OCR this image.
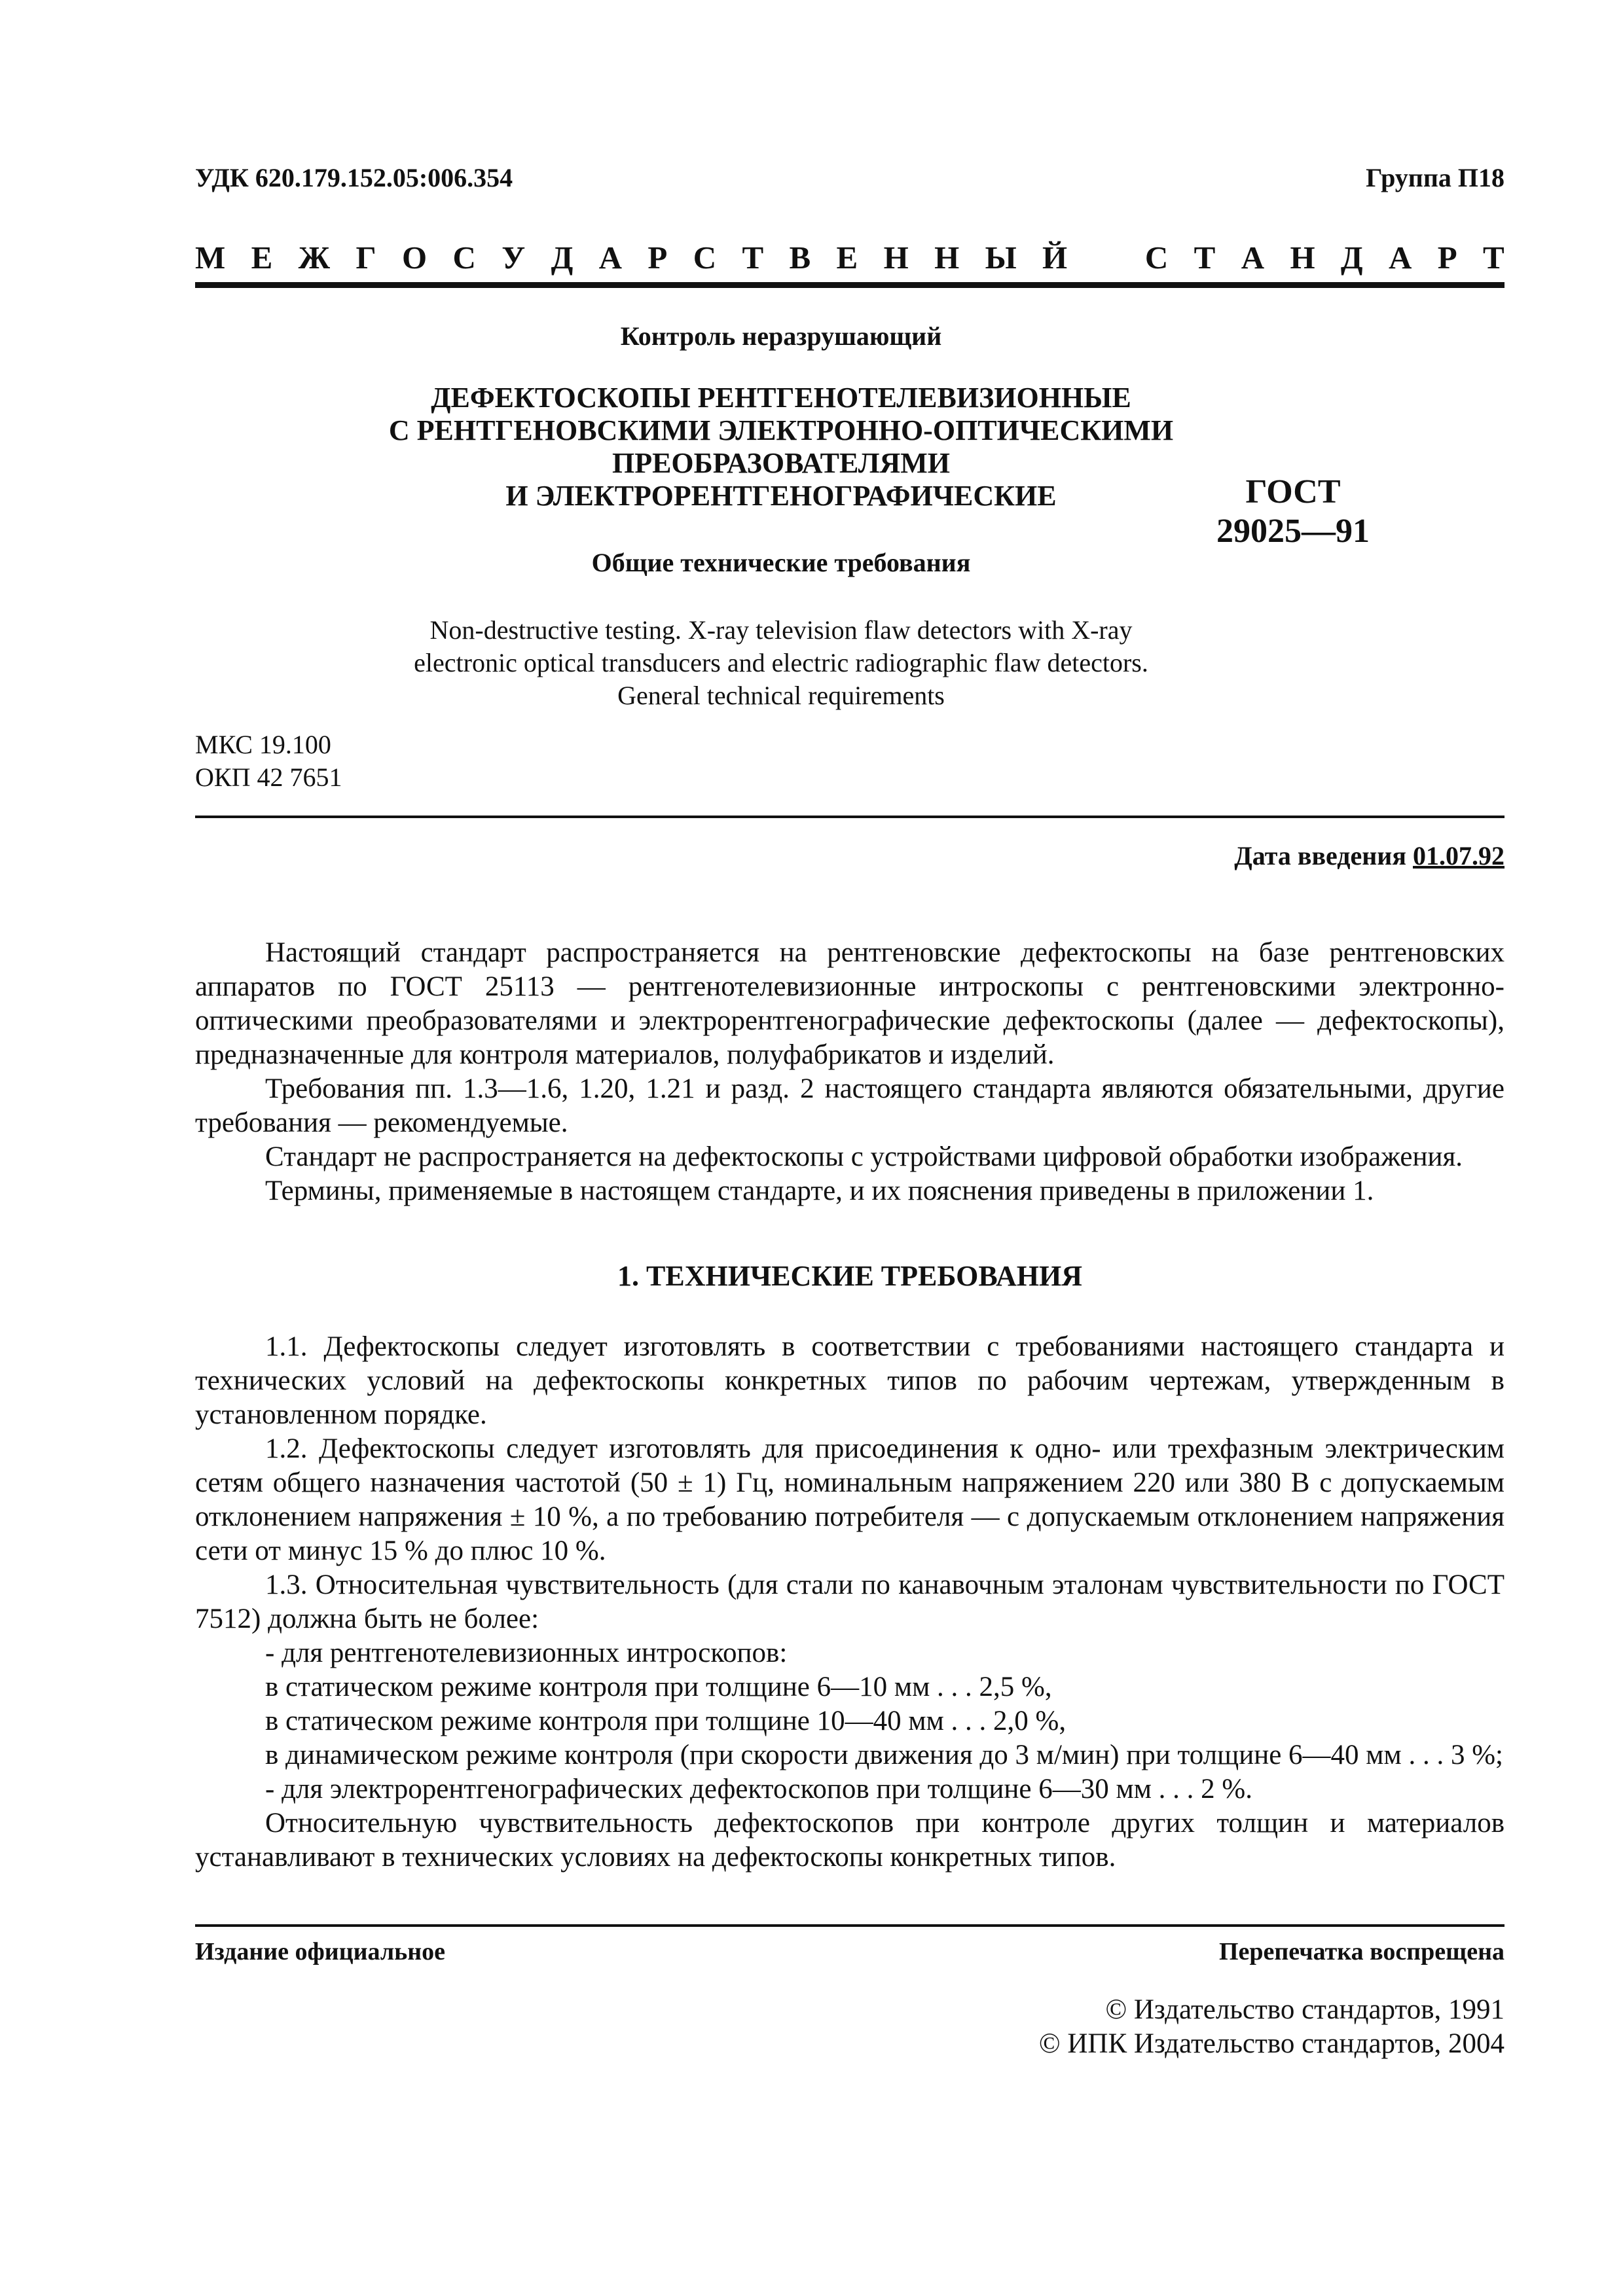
УДК 620.179.152.05:006.354	Группа П18
М Е Ж Г О С У Д А Р С Т В Е Н Н Ы Й С Т А Н Д А Р Т
Контроль неразрушающий
ДЕФЕКТОСКОПЫ РЕНТГЕНОТЕЛЕВИЗИОННЫЕ
С РЕНТГЕНОВСКИМИ ЭЛЕКТРОННО-ОПТИЧЕСКИМИ
ПРЕОБРАЗОВАТЕЛЯМИ
И ЭЛЕКТРОРЕНТГЕНОГРАФИЧЕСКИЕ	ГОСТ
29025—91
Общие технические требования
Non-destructive testing. X-ray television flaw detectors with X-ray
electronic optical transducers and electric radiographic flaw detectors.
General technical requirements
МКС 19.100
ОКП 42 7651
Дата введения 01.07.92

Настоящий стандарт распространяется на рентгеновские дефектоскопы на базе рентгеновских аппаратов по ГОСТ 25113 — рентгенотелевизионные интроскопы с рентгеновскими электронно-оптическими преобразователями и электрорентгенографические дефектоскопы (далее — дефектоскопы), предназначенные для контроля материалов, полуфабрикатов и изделий.

Требования пп. 1.3—1.6, 1.20, 1.21 и разд. 2 настоящего стандарта являются обязательными, другие требования — рекомендуемые.

Стандарт не распространяется на дефектоскопы с устройствами цифровой обработки изображения.

Термины, применяемые в настоящем стандарте, и их пояснения приведены в приложении 1.

1. ТЕХНИЧЕСКИЕ ТРЕБОВАНИЯ

1.1. Дефектоскопы следует изготовлять в соответствии с требованиями настоящего стандарта и технических условий на дефектоскопы конкретных типов по рабочим чертежам, утвержденным в установленном порядке.

1.2. Дефектоскопы следует изготовлять для присоединения к одно- или трехфазным электрическим сетям общего назначения частотой (50 ± 1) Гц, номинальным напряжением 220 или 380 В с допускаемым отклонением напряжения ± 10 %, а по требованию потребителя — с допускаемым отклонением напряжения сети от минус 15 % до плюс 10 %.

1.3. Относительная чувствительность (для стали по канавочным эталонам чувствительности по ГОСТ 7512) должна быть не более:

- для рентгенотелевизионных интроскопов:

в статическом режиме контроля при толщине 6—10 мм . . . 2,5 %,

в статическом режиме контроля при толщине 10—40 мм . . . 2,0 %,

в динамическом режиме контроля (при скорости движения до 3 м/мин) при толщине 6—40 мм . . . 3 %;

- для электрорентгенографических дефектоскопов при толщине 6—30 мм . . . 2 %.

Относительную чувствительность дефектоскопов при контроле других толщин и материалов устанавливают в технических условиях на дефектоскопы конкретных типов.

Издание официальное	Перепечатка воспрещена
© Издательство стандартов, 1991
© ИПК Издательство стандартов, 2004
